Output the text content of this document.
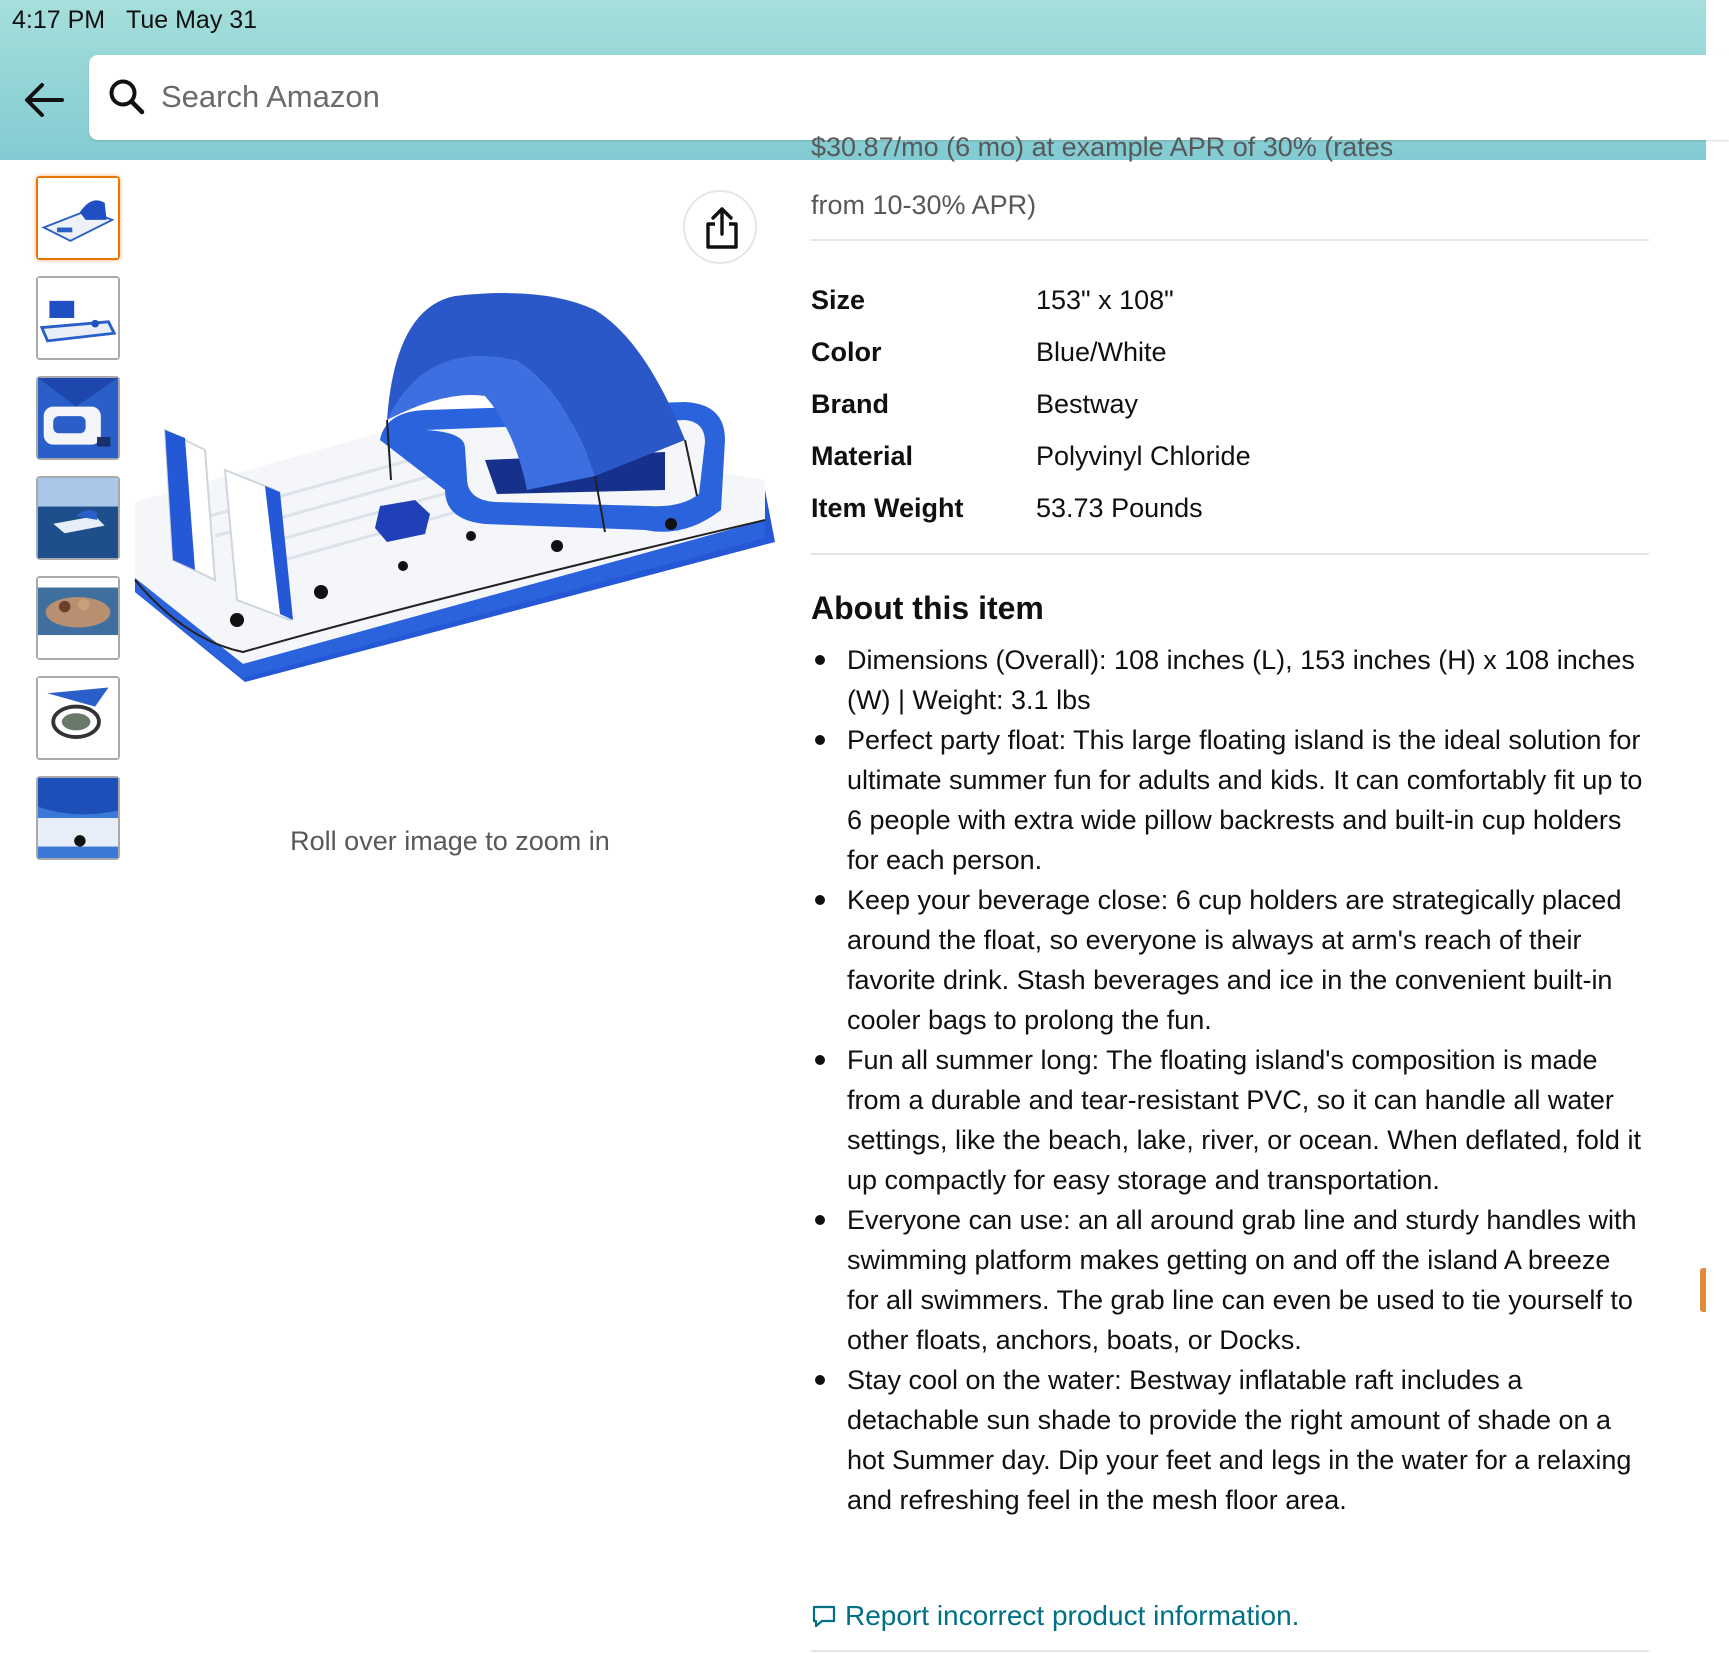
4:17 PM Tue May 31
Search Amazon
Roll over image to zoom in
$30.87/mo (6 mo) at example APR of 30% (rates
from 10-30% APR)
Size	153" x 108"
Color	Blue/White
Brand	Bestway
Material	Polyvinyl Chloride
Item Weight	53.73 Pounds
About this item
Dimensions (Overall): 108 inches (L), 153 inches (H) x 108 inches (W) | Weight: 3.1 lbs
Perfect party float: This large floating island is the ideal solution for ultimate summer fun for adults and kids. It can comfortably fit up to 6 people with extra wide pillow backrests and built-in cup holders for each person.
Keep your beverage close: 6 cup holders are strategically placed around the float, so everyone is always at arm's reach of their favorite drink. Stash beverages and ice in the convenient built-in cooler bags to prolong the fun.
Fun all summer long: The floating island's composition is made from a durable and tear-resistant PVC, so it can handle all water settings, like the beach, lake, river, or ocean. When deflated, fold it up compactly for easy storage and transportation.
Everyone can use: an all around grab line and sturdy handles with swimming platform makes getting on and off the island A breeze for all swimmers. The grab line can even be used to tie yourself to other floats, anchors, boats, or Docks.
Stay cool on the water: Bestway inflatable raft includes a detachable sun shade to provide the right amount of shade on a hot Summer day. Dip your feet and legs in the water for a relaxing and refreshing feel in the mesh floor area.
Report incorrect product information.
